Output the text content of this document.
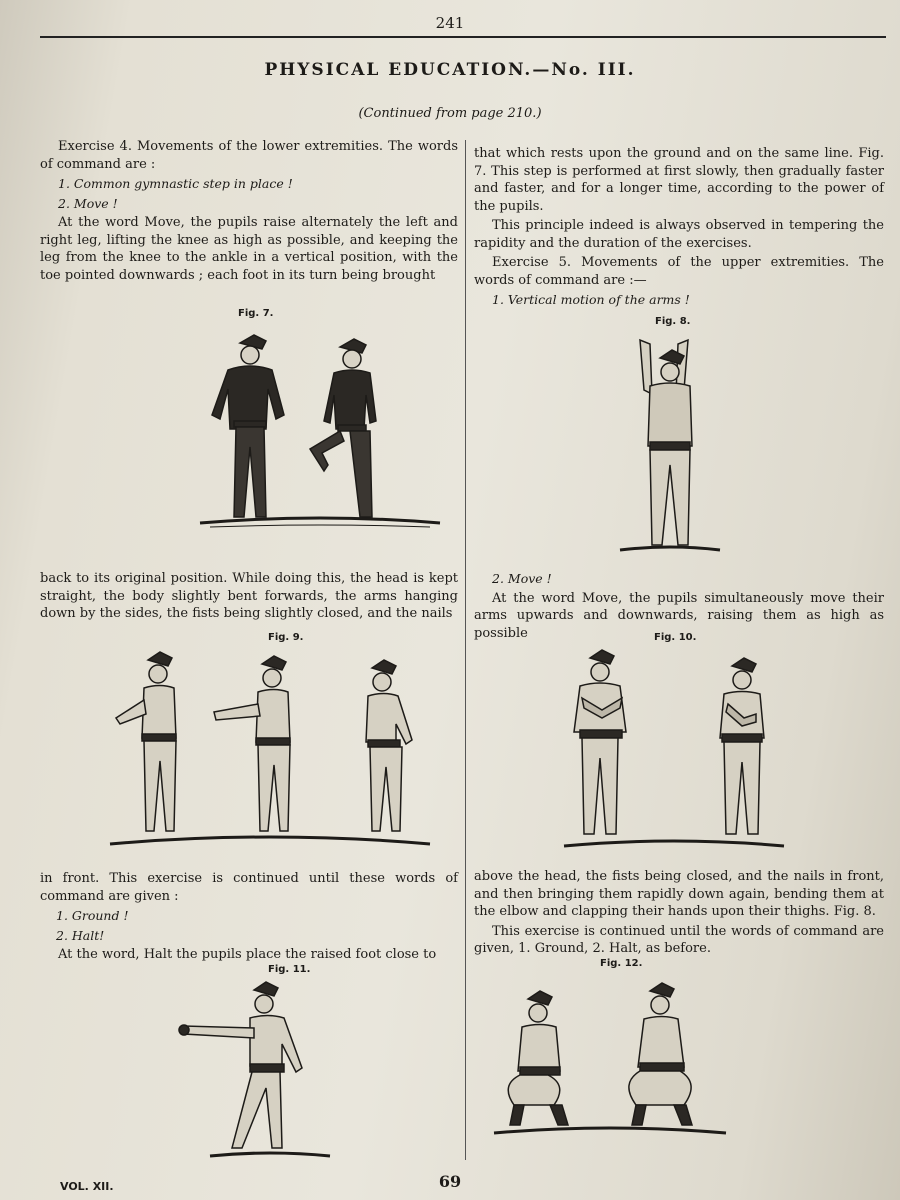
241
PHYSICAL EDUCATION.—No. III.
(Continued from page 210.)

Exercise 4. Movements of the lower extremities. The words of command are :

1. Common gymnastic step in place !

2. Move !

At the word Move, the pupils raise alternately the left and right leg, lifting the knee as high as possible, and keeping the leg from the knee to the ankle in a vertical position, with the toe pointed downwards ; each foot in its turn being brought

that which rests upon the ground and on the same line. Fig. 7. This step is performed at first slowly, then gradually faster and faster, and for a longer time, according to the power of the pupils.

This principle indeed is always observed in tempering the rapidity and the duration of the exercises.

Exercise 5. Movements of the upper extremities. The words of command are :—

1. Vertical motion of the arms !

Fig. 7.
Fig. 8.

back to its original position. While doing this, the head is kept straight, the body slightly bent forwards, the arms hanging down by the sides, the fists being slightly closed, and the nails

2. Move !

At the word Move, the pupils simultaneously move their arms upwards and downwards, raising them as high as possible

Fig. 9.	Fig. 10.

in front. This exercise is continued until these words of command are given :

1. Ground !

2. Halt!

At the word, Halt the pupils place the raised foot close to

above the head, the fists being closed, and the nails in front, and then bringing them rapidly down again, bending them at the elbow and clapping their hands upon their thighs. Fig. 8.

This exercise is continued until the words of command are given, 1. Ground, 2. Halt, as before.

Fig. 11.
Fig. 12.
VOL. XII.	69
